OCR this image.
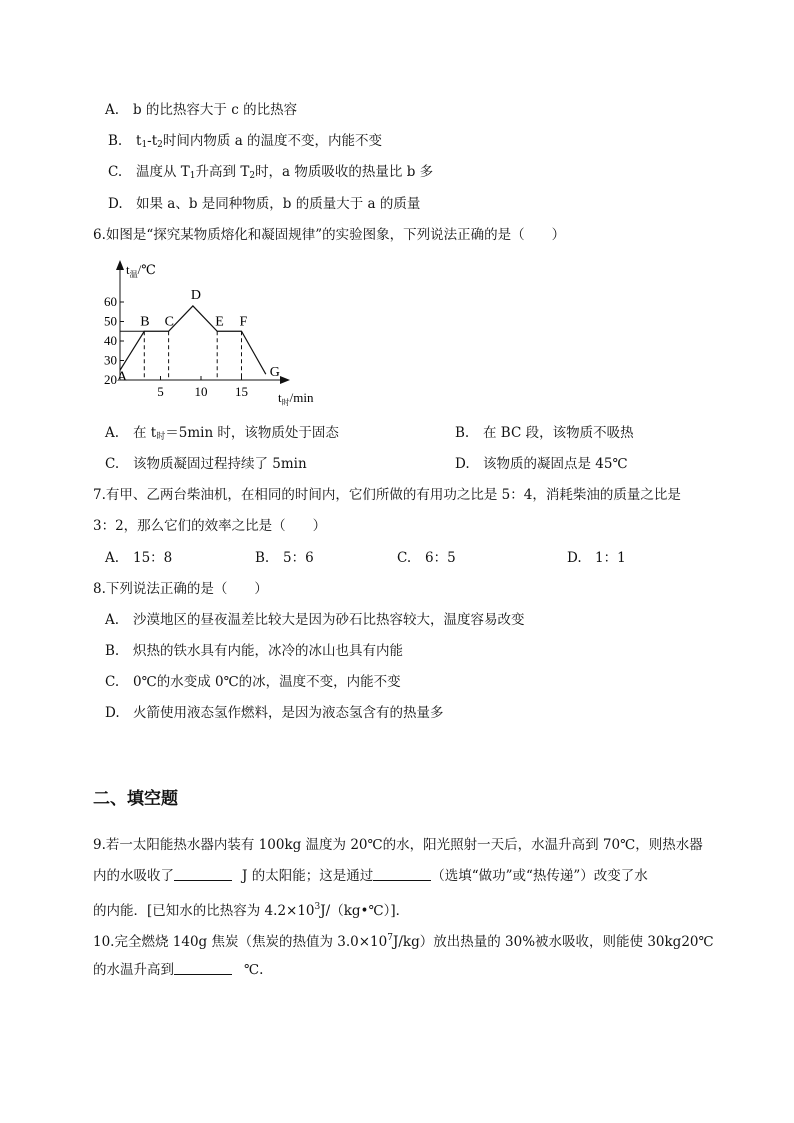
A. b 的比热容大于 c 的比热容
B. $t_1-t_2$时间内物质 a 的温度不变，内能不变
C. 温度从 $T_1$升高到 $T_2$时，a 物质吸收的热量比 b 多
D. 如果 a、b 是同种物质，b 的质量大于 a 的质量
6.如图是“探究某物质熔化和凝固规律”的实验图象，下列说法正确的是（　　）
$t_温/℃$
$t_时/\min$
20
30
40
50
60
5 10 15
A
B C
D
E F
G
A. 在 $t_时=5\min$ 时，该物质处于固态	B. 在 BC 段，该物质不吸热
C. 该物质凝固过程持续了 5min	D. 该物质的凝固点是 45℃
7.有甲、乙两台柴油机，在相同的时间内，它们所做的有用功之比是 5：4，消耗柴油的质量之比是
3：2，那么它们的效率之比是（　　）
A. 15：8	B. 5：6	C. 6：5	D. 1：1
8.下列说法正确的是（　　）
A. 沙漠地区的昼夜温差比较大是因为砂石比热容较大，温度容易改变
B. 炽热的铁水具有内能，冰冷的冰山也具有内能
C. 0℃的水变成 0℃的冰，温度不变，内能不变
D. 火箭使用液态氢作燃料，是因为液态氢含有的热量多
二、填空题
9.若一太阳能热水器内装有 100kg 温度为 20℃的水，阳光照射一天后，水温升高到 70℃，则热水器
内的水吸收了	J 的太阳能；这是通过	（选填“做功”或“热传递”）改变了水
的内能．[已知水的比热容为 $4.2\times 10^3J/(kg•℃)$]．
10.完全燃烧 140g 焦炭（焦炭的热值为 $3.0\times 10^7J/kg$）放出热量的 30%被水吸收，则能使 30kg20℃
的水温升高到	℃.
